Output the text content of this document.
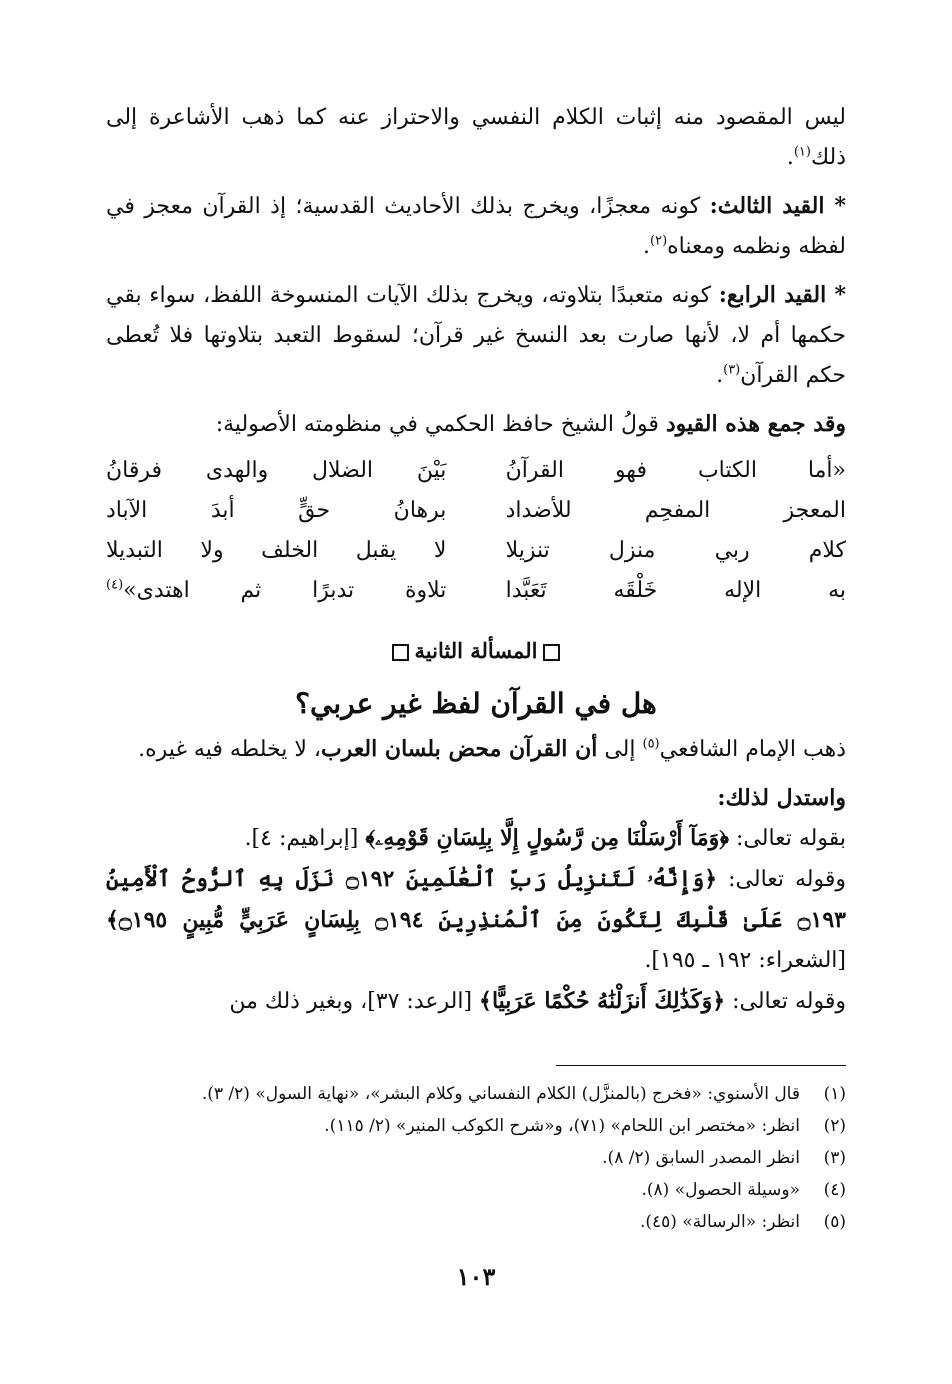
ليس المقصود منه إثبات الكلام النفسي والاحتراز عنه كما ذهب الأشاعرة إلى ذلك$^{(١)}$.

* القيد الثالث: كونه معجزًا، ويخرج بذلك الأحاديث القدسية؛ إذ القرآن معجز في لفظه ونظمه ومعناه$^{(٢)}$.

* القيد الرابع: كونه متعبدًا بتلاوته، ويخرج بذلك الآيات المنسوخة اللفظ، سواء بقي حكمها أم لا، لأنها صارت بعد النسخ غير قرآن؛ لسقوط التعبد بتلاوتها فلا تُعطى حكم القرآن$^{(٣)}$.

وقد جمع هذه القيود قولُ الشيخ حافظ الحكمي في منظومته الأصولية:

«أما الكتاب فهو القرآنُ
بَيْنَ الضلال والهدى فرقانُ
المعجز المفحِم للأضداد
برهانُ حقٍّ أبدَ الآباد
كلام ربي منزل تنزيلا
لا يقبل الخلف ولا التبديلا
به الإله خَلْقَه تَعَبَّدا
تلاوة تدبرًا ثم اهتدى»$^{(٤)}$
المسألة الثانية
هل في القرآن لفظ غير عربي؟

ذهب الإمام الشافعي$^{(٥)}$ إلى أن القرآن محض بلسان العرب، لا يخلطه فيه غيره.

واستدل لذلك:

بقوله تعالى: ﴿وَمَآ أَرْسَلْنَا مِن رَّسُولٍ إِلَّا بِلِسَانِ قَوْمِهِۦ﴾ [إبراهيم: ٤].

وقوله تعالى: ﴿وَإِنَّهُۥ لَتَنزِيلُ رَبِّ ٱلْعَٰلَمِينَ ۝١٩٢ نَزَلَ بِهِ ٱلرُّوحُ ٱلْأَمِينُ ۝١٩٣ عَلَىٰ قَلْبِكَ لِتَكُونَ مِنَ ٱلْمُنذِرِينَ ۝١٩٤ بِلِسَانٍ عَرَبِيٍّ مُّبِينٍ ۝١٩٥﴾ [الشعراء: ١٩٢ ـ ١٩٥].

وقوله تعالى: ﴿وَكَذَٰلِكَ أَنزَلْنَٰهُ حُكْمًا عَرَبِيًّا﴾ [الرعد: ٣٧]، وبغير ذلك من

(١)
قال الأسنوي: «فخرج (بالمنزَّل) الكلام النفساني وكلام البشر»، «نهاية السول» (٢/ ٣).
(٢)
انظر: «مختصر ابن اللحام» (٧١)، و«شرح الكوكب المنير» (٢/ ١١٥).
(٣)
انظر المصدر السابق (٢/ ٨).
(٤)
«وسيلة الحصول» (٨).
(٥)
انظر: «الرسالة» (٤٥).
١٠٣
